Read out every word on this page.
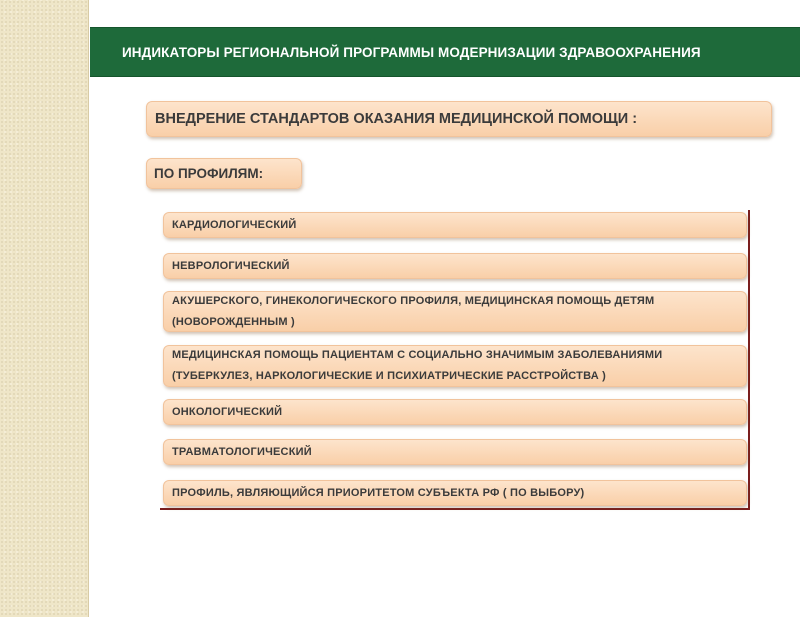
ИНДИКАТОРЫ РЕГИОНАЛЬНОЙ ПРОГРАММЫ МОДЕРНИЗАЦИИ ЗДРАВООХРАНЕНИЯ
ВНЕДРЕНИЕ СТАНДАРТОВ ОКАЗАНИЯ МЕДИЦИНСКОЙ ПОМОЩИ :
ПО ПРОФИЛЯМ:
КАРДИОЛОГИЧЕСКИЙ
НЕВРОЛОГИЧЕСКИЙ
АКУШЕРСКОГО, ГИНЕКОЛОГИЧЕСКОГО ПРОФИЛЯ, МЕДИЦИНСКАЯ ПОМОЩЬ ДЕТЯМ (НОВОРОЖДЕННЫМ )
МЕДИЦИНСКАЯ ПОМОЩЬ ПАЦИЕНТАМ С СОЦИАЛЬНО ЗНАЧИМЫМ ЗАБОЛЕВАНИЯМИ (ТУБЕРКУЛЕЗ, НАРКОЛОГИЧЕСКИЕ И ПСИХИАТРИЧЕСКИЕ РАССТРОЙСТВА )
ОНКОЛОГИЧЕСКИЙ
ТРАВМАТОЛОГИЧЕСКИЙ
ПРОФИЛЬ, ЯВЛЯЮЩИЙСЯ ПРИОРИТЕТОМ СУБЪЕКТА РФ ( ПО ВЫБОРУ)
